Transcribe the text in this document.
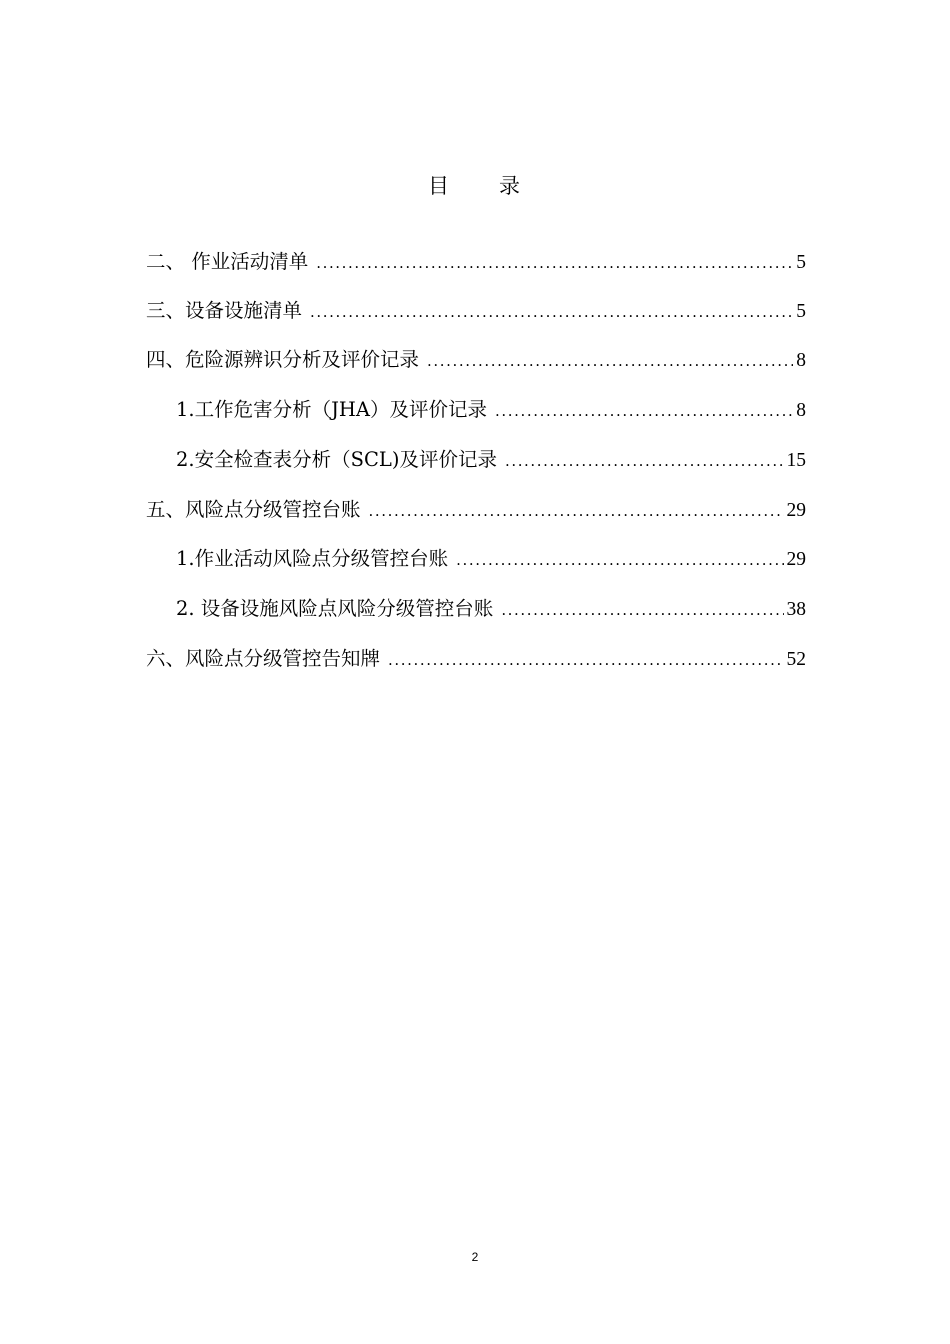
目 录
二、 作业活动清单 .....	5
三、设备设施清单 .....	5
四、危险源辨识分析及评价记录 .....	8
1.工作危害分析（JHA）及评价记录 .....	8
2.安全检查表分析（SCL)及评价记录 .....	15
五、风险点分级管控台账 .....	29
1.作业活动风险点分级管控台账 .....	29
2. 设备设施风险点风险分级管控台账 .....	38
六、风险点分级管控告知牌 .....	52
2
